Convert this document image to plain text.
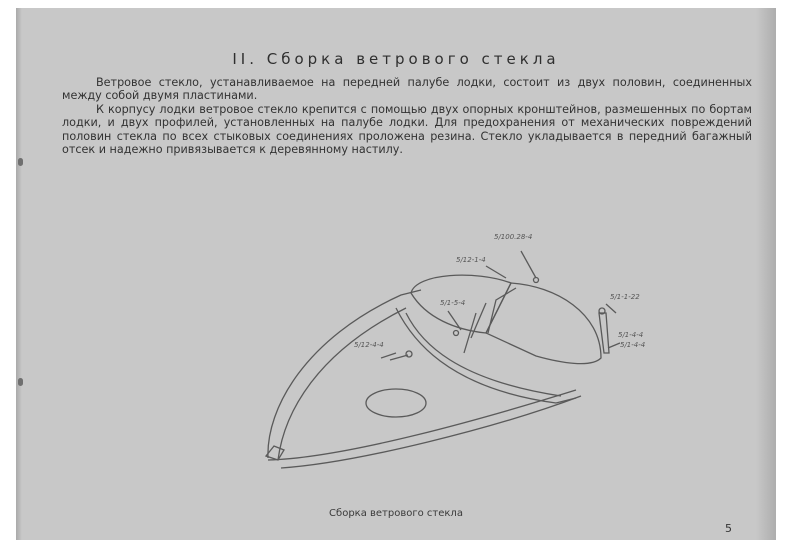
II. Сборка ветрового стекла

Ветровое стекло, устанавливаемое на передней палубе лодки, состоит из двух половин, соединенных между собой двумя пластинами.

К корпусу лодки ветровое стекло крепится с помощью двух опорных кронштейнов, размешенных по бортам лодки, и двух профилей, установленных на палубе лодки. Для предохранения от механических повреждений половин стекла по всех стыковых соединениях проложена резина. Стекло укладывается в передний багажный отсек и надежно привязывается к деревянному настилу.

5/100.28-4
5/12-1-4
5/1-5-4
5/12-4-4
5/1-1-22
5/1-4-4
5/1-4-4
Сборка ветрового стекла
5
